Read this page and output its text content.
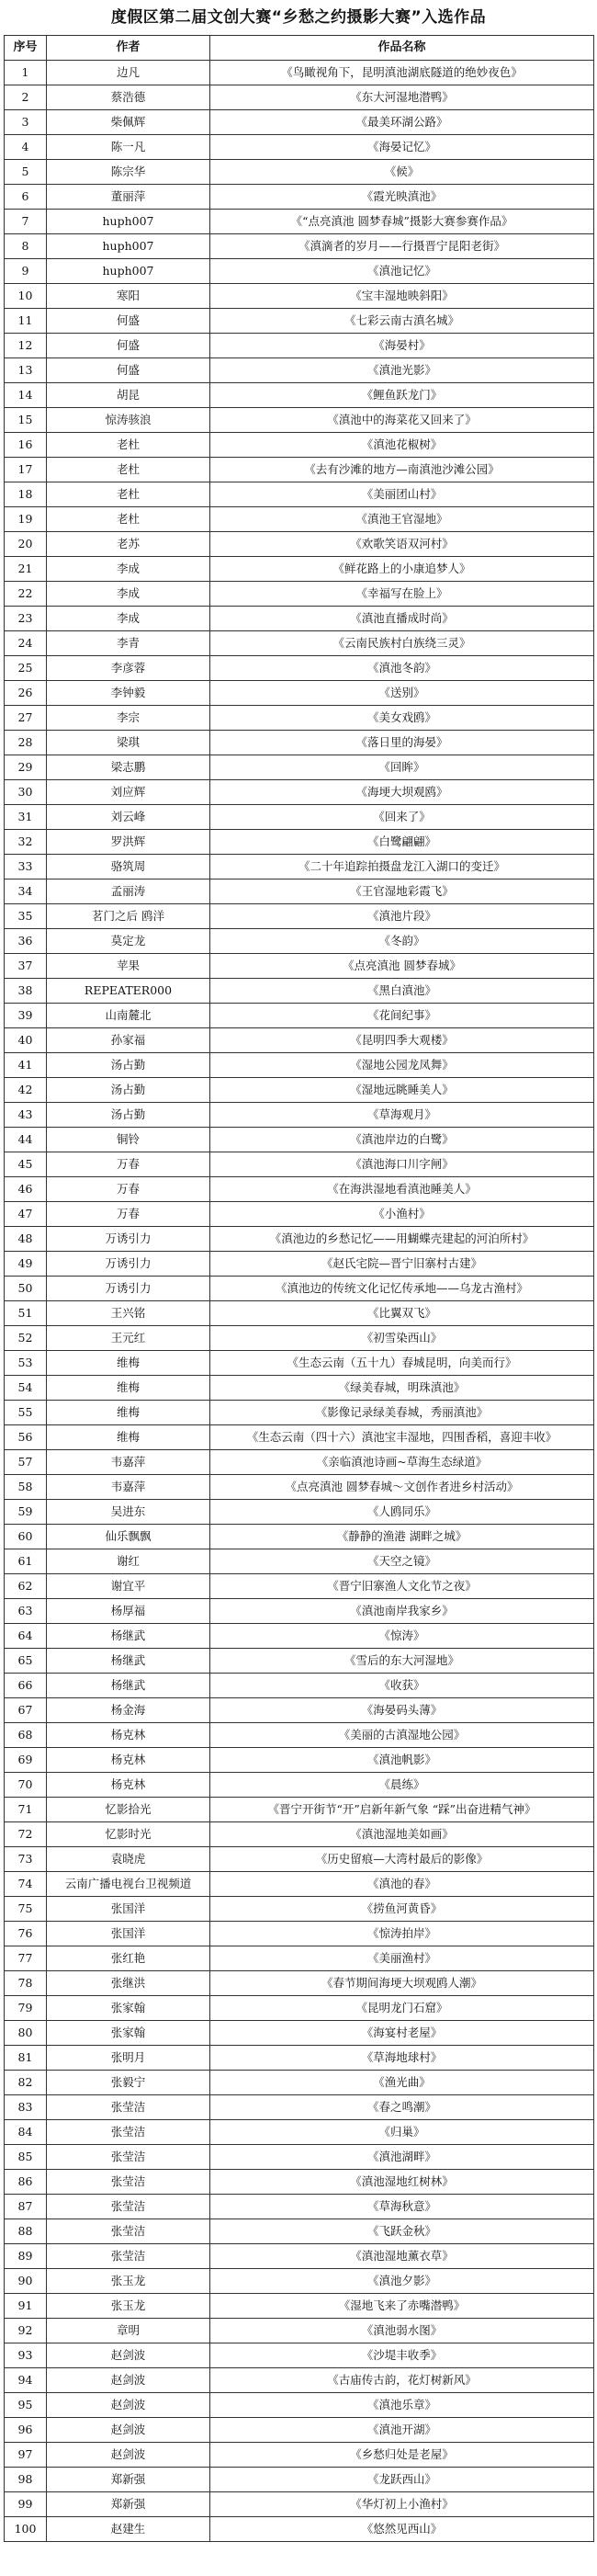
度假区第二届文创大赛“乡愁之约摄影大赛”入选作品
序号	作者	作品名称
1	边凡	《鸟瞰视角下，昆明滇池湖底隧道的绝妙夜色》
2	蔡浩德	《东大河湿地潜鸭》
3	柴佩辉	《最美环湖公路》
4	陈一凡	《海晏记忆》
5	陈宗华	《候》
6	董丽萍	《霞光映滇池》
7	huph007	《“点亮滇池 圆梦春城”摄影大赛参赛作品》
8	huph007	《滇滴者的岁月——行摄晋宁昆阳老街》
9	huph007	《滇池记忆》
10	寒阳	《宝丰湿地映斜阳》
11	何盛	《七彩云南古滇名城》
12	何盛	《海晏村》
13	何盛	《滇池光影》
14	胡昆	《鲤鱼跃龙门》
15	惊涛骇浪	《滇池中的海菜花又回来了》
16	老杜	《滇池花椒树》
17	老杜	《去有沙滩的地方—南滇池沙滩公园》
18	老杜	《美丽团山村》
19	老杜	《滇池王官湿地》
20	老苏	《欢歌笑语双河村》
21	李成	《鲜花路上的小康追梦人》
22	李成	《幸福写在脸上》
23	李成	《滇池直播成时尚》
24	李青	《云南民族村白族绕三灵》
25	李彦蓉	《滇池冬韵》
26	李钟毅	《送别》
27	李宗	《美女戏鸥》
28	梁琪	《落日里的海晏》
29	梁志鹏	《回眸》
30	刘应辉	《海埂大坝观鸥》
31	刘云峰	《回来了》
32	罗洪辉	《白鹭翩翩》
33	骆筑周	《二十年追踪拍摄盘龙江入湖口的变迁》
34	孟丽涛	《王官湿地彩霞飞》
35	茗门之后 鸥洋	《滇池片段》
36	莫定龙	《冬韵》
37	苹果	《点亮滇池 圆梦春城》
38	REPEATER000	《黑白滇池》
39	山南麓北	《花间纪事》
40	孙家福	《昆明四季大观楼》
41	汤占勤	《湿地公园龙凤舞》
42	汤占勤	《湿地远眺睡美人》
43	汤占勤	《草海观月》
44	铜铃	《滇池岸边的白鹭》
45	万春	《滇池海口川字闸》
46	万春	《在海洪湿地看滇池睡美人》
47	万春	《小渔村》
48	万诱引力	《滇池边的乡愁记忆——用蝴蝶壳建起的河泊所村》
49	万诱引力	《赵氏宅院—晋宁旧寨村古建》
50	万诱引力	《滇池边的传统文化记忆传承地——乌龙古渔村》
51	王兴铭	《比翼双飞》
52	王元红	《初雪染西山》
53	维梅	《生态云南（五十九）春城昆明，向美而行》
54	维梅	《绿美春城，明珠滇池》
55	维梅	《影像记录绿美春城，秀丽滇池》
56	维梅	《生态云南（四十六）滇池宝丰湿地，四围香稻，喜迎丰收》
57	韦嘉萍	《亲临滇池诗画~草海生态绿道》
58	韦嘉萍	《点亮滇池 圆梦春城～文创作者进乡村活动》
59	吴进东	《人鸥同乐》
60	仙乐飘飘	《静静的渔港 湖畔之城》
61	谢红	《天空之镜》
62	谢宜平	《晋宁旧寨渔人文化节之夜》
63	杨厚福	《滇池南岸我家乡》
64	杨继武	《惊涛》
65	杨继武	《雪后的东大河湿地》
66	杨继武	《收获》
67	杨金海	《海晏码头薄》
68	杨克林	《美丽的古滇湿地公园》
69	杨克林	《滇池帆影》
70	杨克林	《晨练》
71	忆影拾光	《晋宁开街节“开”启新年新气象 “踩”出奋进精气神》
72	忆影时光	《滇池湿地美如画》
73	袁晓虎	《历史留痕—大湾村最后的影像》
74	云南广播电视台卫视频道	《滇池的春》
75	张国洋	《捞鱼河黄昏》
76	张国洋	《惊涛拍岸》
77	张红艳	《美丽渔村》
78	张继洪	《春节期间海埂大坝观鸥人潮》
79	张家翰	《昆明龙门石窟》
80	张家翰	《海宴村老屋》
81	张明月	《草海地球村》
82	张毅宁	《渔光曲》
83	张莹洁	《春之鸣潮》
84	张莹洁	《归巢》
85	张莹洁	《滇池湖畔》
86	张莹洁	《滇池湿地红树林》
87	张莹洁	《草海秋意》
88	张莹洁	《飞跃金秋》
89	张莹洁	《滇池湿地薰衣草》
90	张玉龙	《滇池夕影》
91	张玉龙	《湿地飞来了赤嘴潜鸭》
92	章明	《滇池弱水图》
93	赵剑波	《沙堤丰收季》
94	赵剑波	《古庙传古韵，花灯树新风》
95	赵剑波	《滇池乐章》
96	赵剑波	《滇池开湖》
97	赵剑波	《乡愁归处是老屋》
98	郑新强	《龙跃西山》
99	郑新强	《华灯初上小渔村》
100	赵建生	《悠然见西山》
